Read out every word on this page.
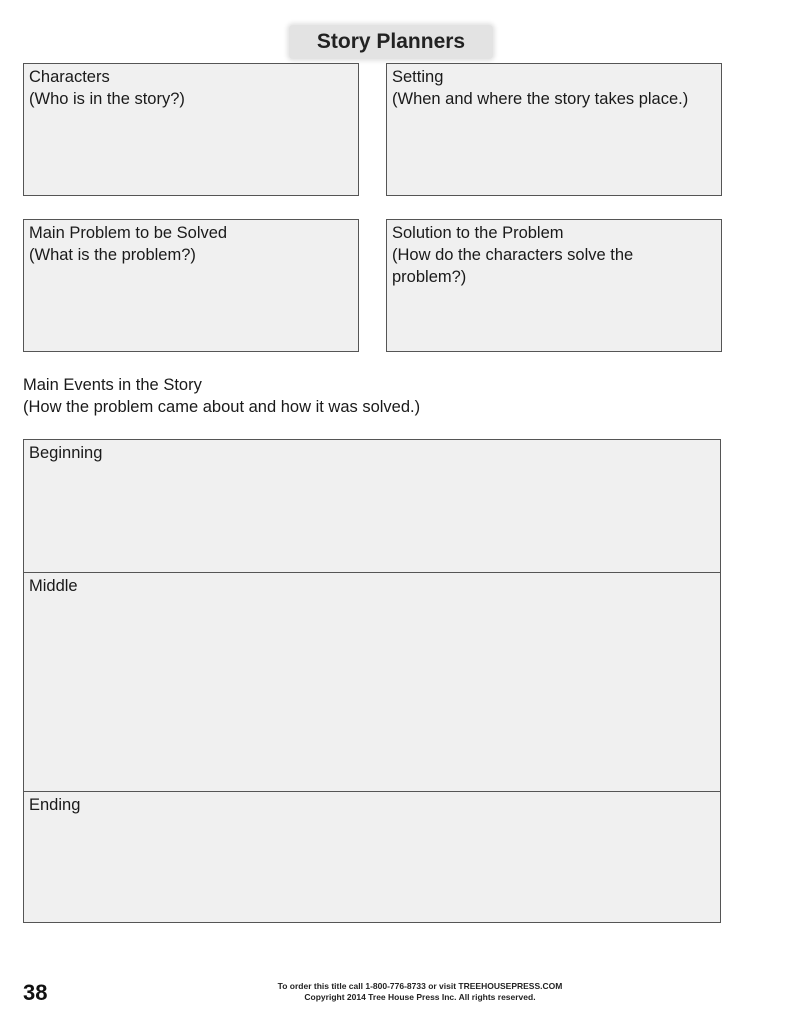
Story Planners
Characters
(Who is in the story?)
Setting
(When and where the story takes place.)
Main Problem to be Solved
(What is the problem?)
Solution to the Problem
(How do the characters solve the problem?)
Main Events in the Story
(How the problem came about and how it was solved.)
Beginning
Middle
Ending
38	To order this title call 1-800-776-8733 or visit TREEHOUSEPRESS.COM
Copyright 2014 Tree House Press Inc. All rights reserved.
